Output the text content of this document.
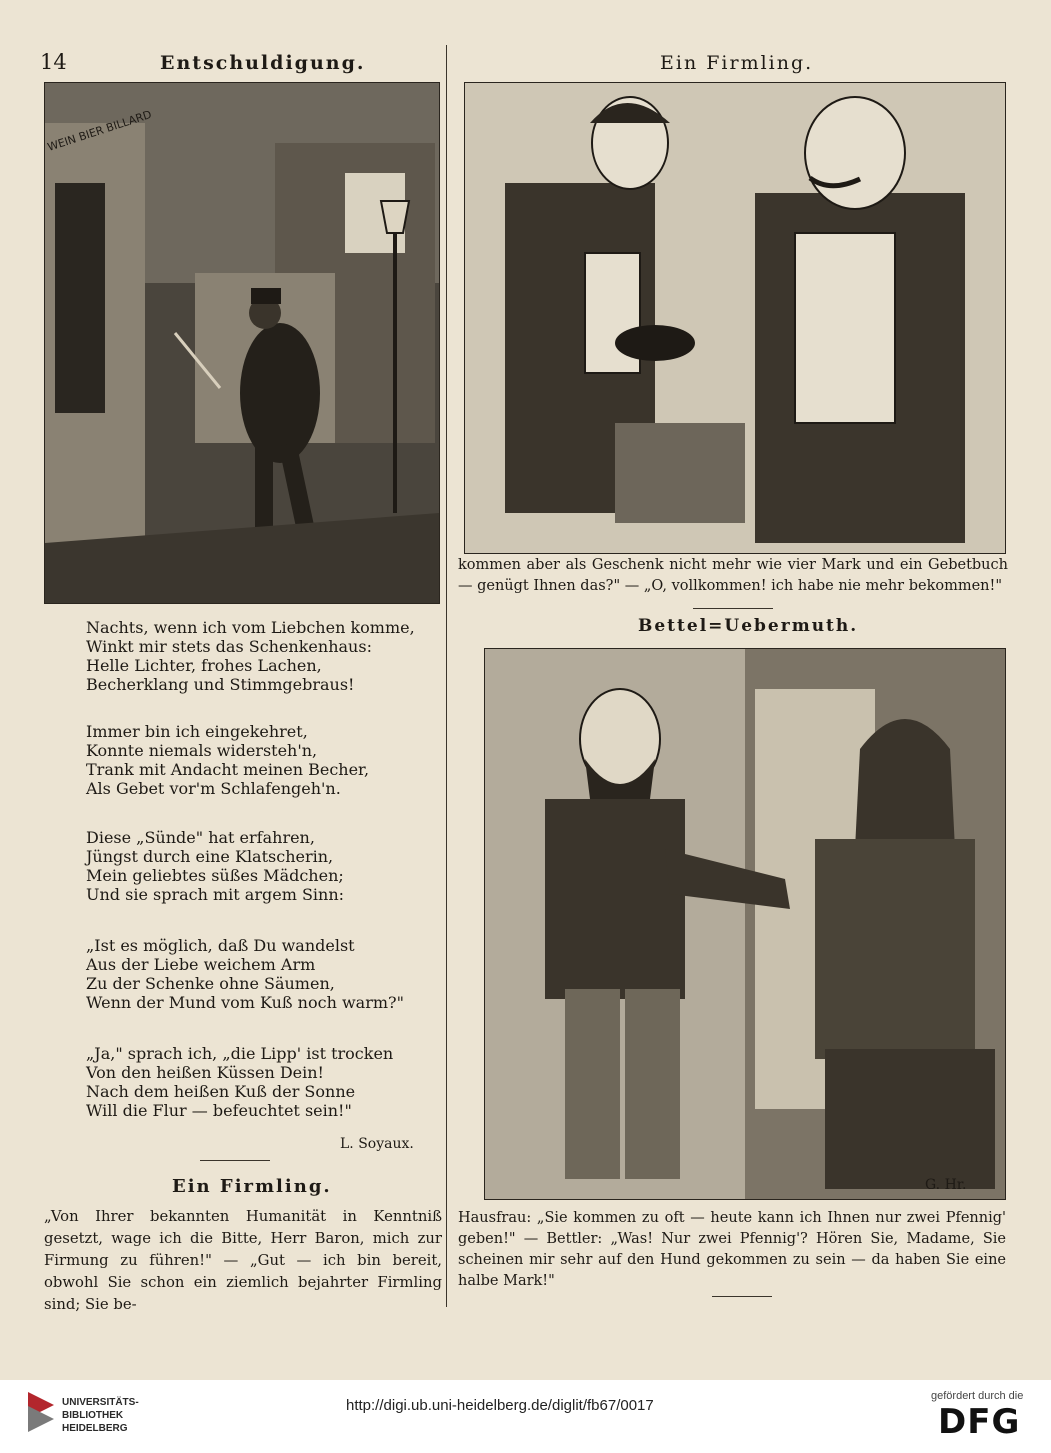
14	Entschuldigung.	Ein Firmling.
WEIN BIER BILLARD
kommen aber als Geschenk nicht mehr wie vier Mark und ein Gebetbuch — genügt Ihnen das?" — „O, vollkommen! ich habe nie mehr bekommen!"
Bettel=Uebermuth.
G. Hr.
Hausfrau: „Sie kommen zu oft — heute kann ich Ihnen nur zwei Pfennig' geben!" — Bettler: „Was! Nur zwei Pfennig'? Hören Sie, Madame, Sie scheinen mir sehr auf den Hund gekommen zu sein — da haben Sie eine halbe Mark!"
Nachts, wenn ich vom Liebchen komme,
Winkt mir stets das Schenkenhaus:
Helle Lichter, frohes Lachen,
Becherklang und Stimmgebraus!
Immer bin ich eingekehret,
Konnte niemals widersteh'n,
Trank mit Andacht meinen Becher,
Als Gebet vor'm Schlafengeh'n.
Diese „Sünde" hat erfahren,
Jüngst durch eine Klatscherin,
Mein geliebtes süßes Mädchen;
Und sie sprach mit argem Sinn:
„Ist es möglich, daß Du wandelst
Aus der Liebe weichem Arm
Zu der Schenke ohne Säumen,
Wenn der Mund vom Kuß noch warm?"
„Ja," sprach ich, „die Lipp' ist trocken
Von den heißen Küssen Dein!
Nach dem heißen Kuß der Sonne
Will die Flur — befeuchtet sein!"
L. Soyaux.
Ein Firmling.
„Von Ihrer bekannten Humanität in Kenntniß gesetzt, wage ich die Bitte, Herr Baron, mich zur Firmung zu führen!" — „Gut — ich bin bereit, obwohl Sie schon ein ziemlich bejahrter Firmling sind; Sie be-
UNIVERSITÄTS-
BIBLIOTHEK
HEIDELBERG
http://digi.ub.uni-heidelberg.de/diglit/fb67/0017
gefördert durch die
DFG
